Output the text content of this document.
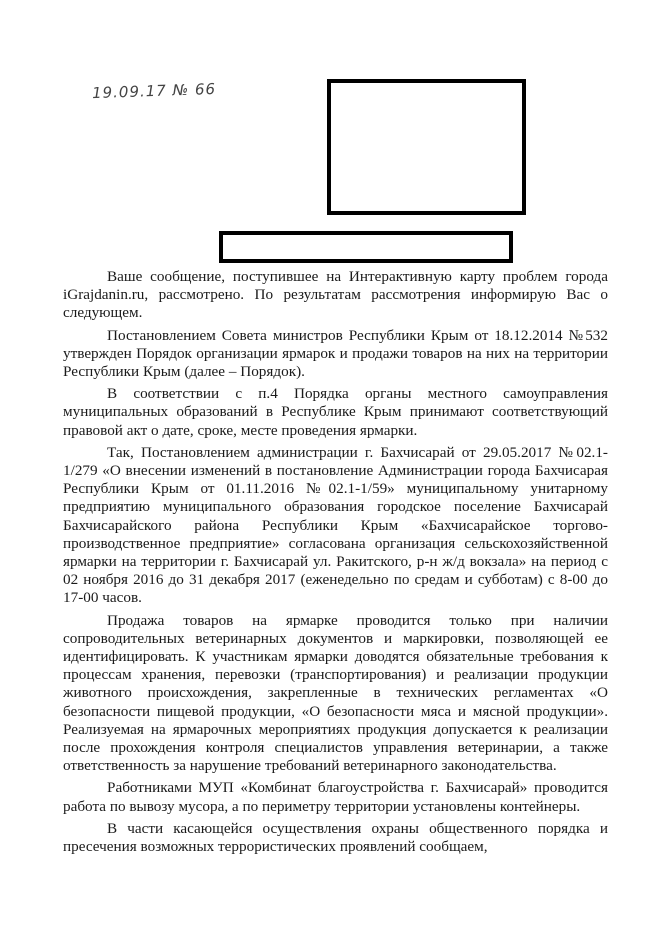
19.09.17 № 66

Ваше сообщение, поступившее на Интерактивную карту проблем города iGrajdanin.ru, рассмотрено. По результатам рассмотрения информирую Вас о следующем.

Постановлением Совета министров Республики Крым от 18.12.2014 №532 утвержден Порядок организации ярмарок и продажи товаров на них на территории Республики Крым (далее – Порядок).

В соответствии с п.4 Порядка органы местного самоуправления муниципальных образований в Республике Крым принимают соответствующий правовой акт о дате, сроке, месте проведения ярмарки.

Так, Постановлением администрации г. Бахчисарай от 29.05.2017 №02.1-1/279 «О внесении изменений в постановление Администрации города Бахчисарая Республики Крым от 01.11.2016 №02.1-1/59» муниципальному унитарному предприятию муниципального образования городское поселение Бахчисарай Бахчисарайского района Республики Крым «Бахчисарайское торгово-производственное предприятие» согласована организация сельскохозяйственной ярмарки на территории г. Бахчисарай ул. Ракитского, р-н ж/д вокзала» на период с 02 ноября 2016 до 31 декабря 2017 (еженедельно по средам и субботам) с 8-00 до 17-00 часов.

Продажа товаров на ярмарке проводится только при наличии сопроводительных ветеринарных документов и маркировки, позволяющей ее идентифицировать. К участникам ярмарки доводятся обязательные требования к процессам хранения, перевозки (транспортирования) и реализации продукции животного происхождения, закрепленные в технических регламентах «О безопасности пищевой продукции, «О безопасности мяса и мясной продукции». Реализуемая на ярмарочных мероприятиях продукция допускается к реализации после прохождения контроля специалистов управления ветеринарии, а также ответственность за нарушение требований ветеринарного законодательства.

Работниками МУП «Комбинат благоустройства г. Бахчисарай» проводится работа по вывозу мусора, а по периметру территории установлены контейнеры.

В части касающейся осуществления охраны общественного порядка и пресечения возможных террористических проявлений сообщаем,
